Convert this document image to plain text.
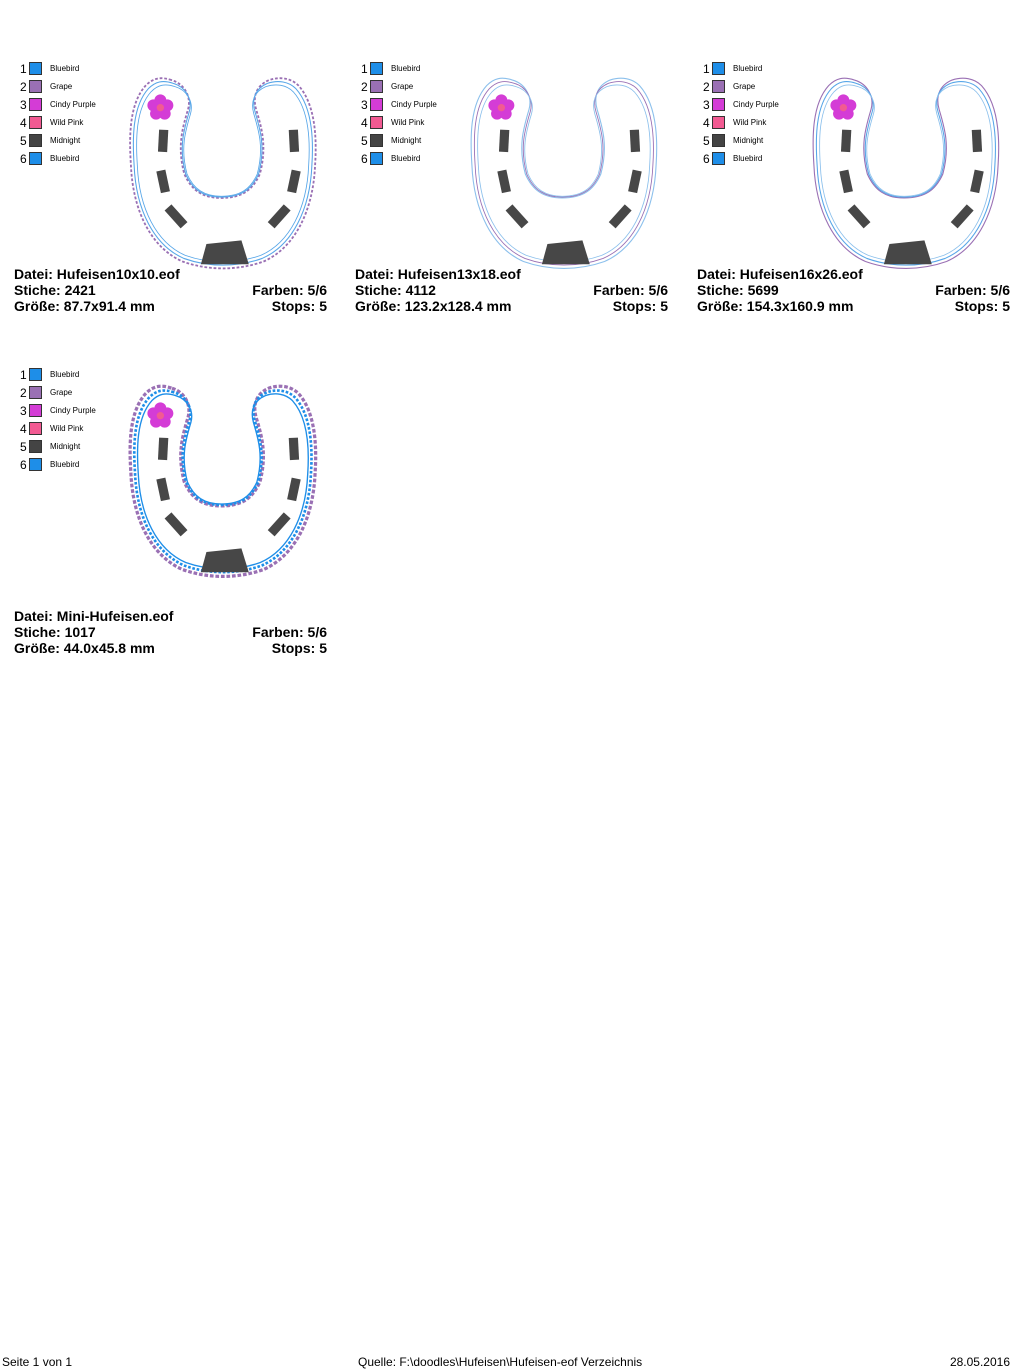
1	Bluebird
2	Grape
3	Cindy Purple
4	Wild Pink
5	Midnight
6	Bluebird
Datei: Hufeisen10x10.eof
Stiche: 2421	Farben: 5/6
Größe: 87.7x91.4 mm	Stops: 5
1	Bluebird
2	Grape
3	Cindy Purple
4	Wild Pink
5	Midnight
6	Bluebird
Datei: Hufeisen13x18.eof
Stiche: 4112	Farben: 5/6
Größe: 123.2x128.4 mm	Stops: 5
1	Bluebird
2	Grape
3	Cindy Purple
4	Wild Pink
5	Midnight
6	Bluebird
Datei: Hufeisen16x26.eof
Stiche: 5699	Farben: 5/6
Größe: 154.3x160.9 mm	Stops: 5
1	Bluebird
2	Grape
3	Cindy Purple
4	Wild Pink
5	Midnight
6	Bluebird
Datei: Mini-Hufeisen.eof
Stiche: 1017	Farben: 5/6
Größe: 44.0x45.8 mm	Stops: 5
Seite 1 von 1	Quelle: F:\doodles\Hufeisen\Hufeisen-eof Verzeichnis	28.05.2016
